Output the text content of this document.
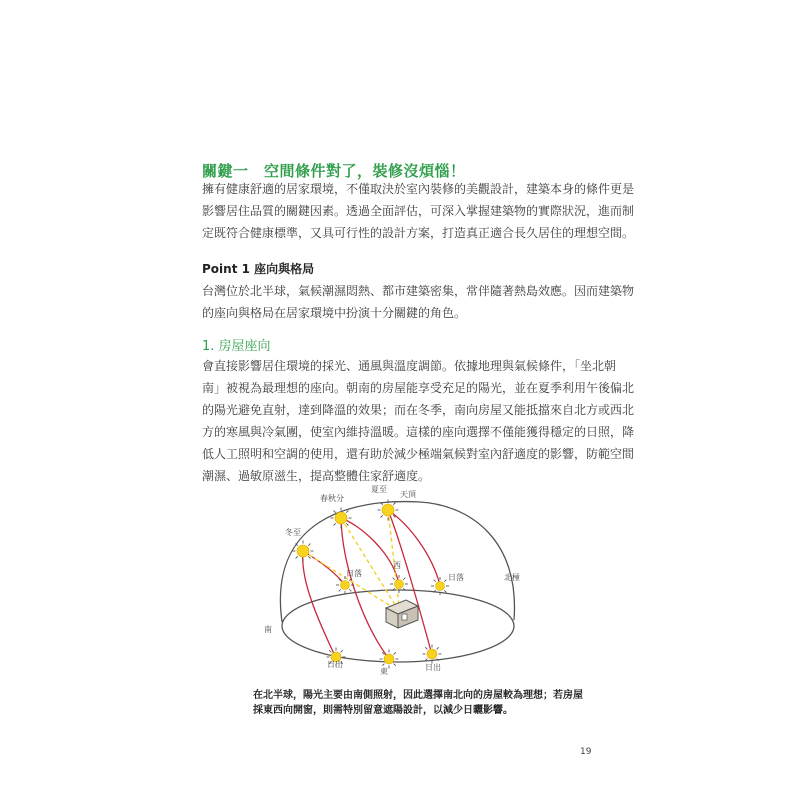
關鍵一　空間條件對了，裝修沒煩惱！
擁有健康舒適的居家環境，不僅取決於室內裝修的美觀設計，建築本身的條件更是
影響居住品質的關鍵因素。透過全面評估，可深入掌握建築物的實際狀況，進而制
定既符合健康標準，又具可行性的設計方案，打造真正適合長久居住的理想空間。
Point 1 座向與格局
台灣位於北半球，氣候潮濕悶熱、都市建築密集，常伴隨著熱島效應。因而建築物
的座向與格局在居家環境中扮演十分關鍵的角色。
1. 房屋座向
會直接影響居住環境的採光、通風與溫度調節。依據地理與氣候條件，「坐北朝
南」被視為最理想的座向。朝南的房屋能享受充足的陽光，並在夏季利用午後偏北
的陽光避免直射，達到降溫的效果；而在冬季，南向房屋又能抵擋來自北方或西北
方的寒風與冷氣團，使室內維持溫暖。這樣的座向選擇不僅能獲得穩定的日照，降
低人工照明和空調的使用，還有助於減少極端氣候對室內舒適度的影響，防範空間
潮濕、過敏原滋生，提高整體住家舒適度。
春秋分
夏至
天頂
冬至
日落
西
日落	北極
南
日出
東	日出
在北半球，陽光主要由南側照射，因此選擇南北向的房屋較為理想；若房屋
採東西向開窗，則需特別留意遮陽設計，以減少日曬影響。
19
